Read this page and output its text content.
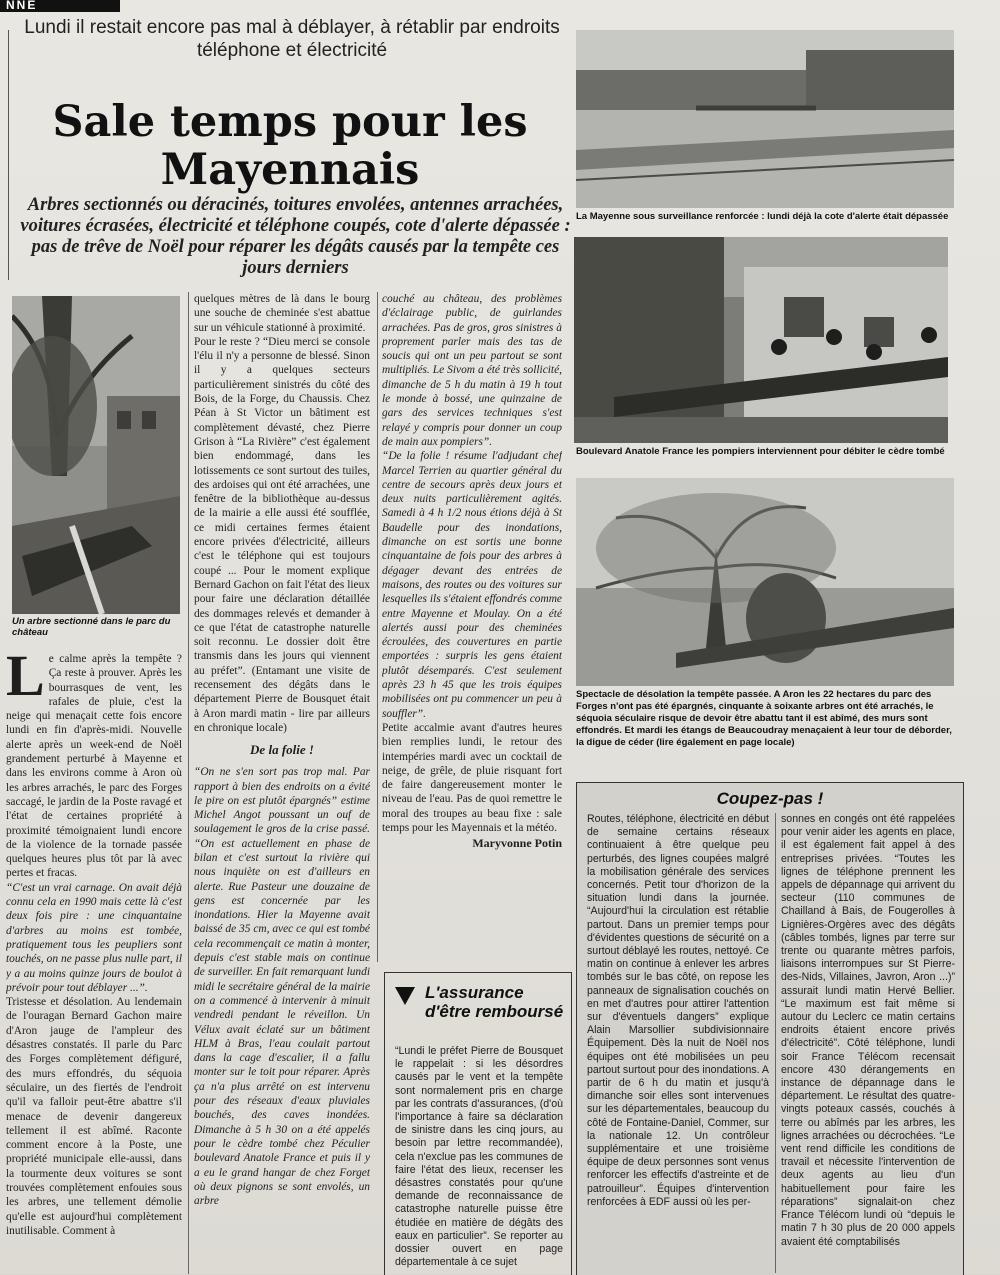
NNE
Lundi il restait encore pas mal à déblayer, à rétablir par endroits téléphone et électricité
Sale temps pour les Mayennais
Arbres sectionnés ou déracinés, toitures envolées, antennes arrachées, voitures écrasées, électricité et téléphone coupés, cote d'alerte dépassée : pas de trêve de Noël pour réparer les dégâts causés par la tempête ces jours derniers
Un arbre sectionné dans le parc du château
La Mayenne sous surveillance renforcée : lundi déjà la cote d'alerte était dépassée
Boulevard Anatole France les pompiers interviennent pour débiter le cèdre tombé
Spectacle de désolation la tempête passée. A Aron les 22 hectares du parc des Forges n'ont pas été épargnés, cinquante à soixante arbres ont été arrachés, le séquoia séculaire risque de devoir être abattu tant il est abîmé, des murs sont effondrés. Et mardi les étangs de Beaucoudray menaçaient à leur tour de déborder, la digue de céder (lire également en page locale)

Le calme après la tempête ? Ça reste à prouver. Après les bourrasques de vent, les rafales de pluie, c'est la neige qui menaçait cette fois encore lundi en fin d'après-midi. Nouvelle alerte après un week-end de Noël grandement perturbé à Mayenne et dans les environs comme à Aron où les arbres arrachés, le parc des Forges saccagé, le jardin de la Poste ravagé et l'état de certaines propriété à proximité témoignaient lundi encore de la violence de la tornade passée quelques heures plus tôt par là avec pertes et fracas.

“C'est un vrai carnage. On avait déjà connu cela en 1990 mais cette là c'est deux fois pire : une cinquantaine d'arbres au moins est tombée, pratiquement tous les peupliers sont touchés, on ne passe plus nulle part, il y a au moins quinze jours de boulot à prévoir pour tout déblayer ...”.

Tristesse et désolation. Au lendemain de l'ouragan Bernard Gachon maire d'Aron jauge de l'ampleur des désastres constatés. Il parle du Parc des Forges complètement défiguré, des murs effondrés, du séquoia séculaire, un des fiertés de l'endroit qu'il va falloir peut-être abattre s'il menace de devenir dangereux tellement il est abîmé. Raconte comment encore à la Poste, une propriété municipale elle-aussi, dans la tourmente deux voitures se sont trouvées complètement enfouies sous les arbres, une tellement démolie qu'elle est aujourd'hui complètement inutilisable. Comment à

quelques mètres de là dans le bourg une souche de cheminée s'est abattue sur un véhicule stationné à proximité.

Pour le reste ? “Dieu merci se console l'élu il n'y a personne de blessé. Sinon il y a quelques secteurs particulièrement sinistrés du côté des Bois, de la Forge, du Chaussis. Chez Péan à St Victor un bâtiment est complètement dévasté, chez Pierre Grison à “La Rivière” c'est également bien endommagé, dans les lotissements ce sont surtout des tuiles, des ardoises qui ont été arrachées, une fenêtre de la bibliothèque au-dessus de la mairie a elle aussi été soufflée, ce midi certaines fermes étaient encore privées d'électricité, ailleurs c'est le téléphone qui est toujours coupé ... Pour le moment explique Bernard Gachon on fait l'état des lieux pour faire une déclaration détaillée des dommages relevés et demander à ce que l'état de catastrophe naturelle soit reconnu. Le dossier doit être transmis dans les jours qui viennent au préfet”. (Entamant une visite de recensement des dégâts dans le département Pierre de Bousquet était à Aron mardi matin - lire par ailleurs en chronique locale)

De la folie !

“On ne s'en sort pas trop mal. Par rapport à bien des endroits on a évité le pire on est plutôt épargnés” estime Michel Angot poussant un ouf de soulagement le gros de la crise passé. “On est actuellement en phase de bilan et c'est surtout la rivière qui nous inquiète on est d'ailleurs en alerte. Rue Pasteur une douzaine de gens est concernée par les inondations. Hier la Mayenne avait baissé de 35 cm, avec ce qui est tombé cela recommençait ce matin à monter, depuis c'est stable mais on continue de surveiller. En fait remarquant lundi midi le secrétaire général de la mairie on a commencé à intervenir à minuit vendredi pendant le réveillon. Un Vélux avait éclaté sur un bâtiment HLM à Bras, l'eau coulait partout dans la cage d'escalier, il a fallu monter sur le toit pour réparer. Après ça n'a plus arrêté on est intervenu pour des réseaux d'eaux pluviales bouchés, des caves inondées. Dimanche à 5 h 30 on a été appelés pour le cèdre tombé chez Péculier boulevard Anatole France et puis il y a eu le grand hangar de chez Forget où deux pignons se sont envolés, un arbre

couché au château, des problèmes d'éclairage public, de guirlandes arrachées. Pas de gros, gros sinistres à proprement parler mais des tas de soucis qui ont un peu partout se sont multipliés. Le Sivom a été très sollicité, dimanche de 5 h du matin à 19 h tout le monde à bossé, une quinzaine de gars des services techniques s'est relayé y compris pour donner un coup de main aux pompiers”.

“De la folie ! résume l'adjudant chef Marcel Terrien au quartier général du centre de secours après deux jours et deux nuits particulièrement agités. Samedi à 4 h 1/2 nous étions déjà à St Baudelle pour des inondations, dimanche on est sortis une bonne cinquantaine de fois pour des arbres à dégager devant des entrées de maisons, des routes ou des voitures sur lesquelles ils s'étaient effondrés comme entre Mayenne et Moulay. On a été alertés aussi pour des cheminées écroulées, des couvertures en partie emportées : surpris les gens étaient plutôt désemparés. C'est seulement après 23 h 45 que les trois équipes mobilisées ont pu commencer un peu à souffler”.

Petite accalmie avant d'autres heures bien remplies lundi, le retour des intempéries mardi avec un cocktail de neige, de grêle, de pluie risquant fort de faire dangereusement monter le niveau de l'eau. Pas de quoi remettre le moral des troupes au beau fixe : sale temps pour les Mayennais et la météo.

Maryvonne Potin
L'assurance d'être remboursé
“Lundi le préfet Pierre de Bousquet le rappelait : si les désordres causés par le vent et la tempête sont normalement pris en charge par les contrats d'assurances, (d'où l'importance à faire sa déclaration de sinistre dans les cinq jours, au besoin par lettre recommandée), cela n'exclue pas les communes de faire l'état des lieux, recenser les désastres constatés pour qu'une demande de reconnaissance de catastrophe naturelle puisse être étudiée en matière de dégâts des eaux en particulier”. Se reporter au dossier ouvert en page départementale à ce sujet
Coupez-pas !
Routes, téléphone, électricité en début de semaine certains réseaux continuaient à être quelque peu perturbés, des lignes coupées malgré la mobilisation générale des services concernés. Petit tour d'horizon de la situation lundi dans la journée. “Aujourd'hui la circulation est rétablie partout. Dans un premier temps pour d'évidentes questions de sécurité on a surtout déblayé les routes, nettoyé. Ce matin on continue à enlever les arbres tombés sur le bas côté, on repose les panneaux de signalisation couchés on en met d'autres pour attirer l'attention sur d'éventuels dangers” explique Alain Marsollier subdivisionnaire Équipement. Dès la nuit de Noël nos équipes ont été mobilisées un peu partout surtout pour des inondations. A partir de 6 h du matin et jusqu'à dimanche soir elles sont intervenues sur les départementales, beaucoup du côté de Fontaine-Daniel, Commer, sur la nationale 12. Un contrôleur supplémentaire et une troisième équipe de deux personnes sont venus renforcer les effectifs d'astreinte et de patrouilleur”. Équipes d'intervention renforcées à EDF aussi où les per-
sonnes en congés ont été rappelées pour venir aider les agents en place, il est également fait appel à des entreprises privées. “Toutes les lignes de téléphone prennent les appels de dépannage qui arrivent du secteur (110 communes de Chailland à Bais, de Fougerolles à Lignières-Orgères avec des dégâts (câbles tombés, lignes par terre sur trente ou quarante mètres parfois, liaisons interrompues sur St Pierre-des-Nids, Villaines, Javron, Aron ...)” assurait lundi matin Hervé Bellier. “Le maximum est fait même si autour du Leclerc ce matin certains endroits étaient encore privés d'électricité”. Côté téléphone, lundi soir France Télécom recensait encore 430 dérangements en instance de dépannage dans le département. Le résultat des quatre-vingts poteaux cassés, couchés à terre ou abîmés par les arbres, les lignes arrachées ou décrochées. “Le vent rend difficile les conditions de travail et nécessite l'intervention de deux agents au lieu d'un habituellement pour faire les réparations” signalait-on chez France Télécom lundi où “depuis le matin 7 h 30 plus de 20 000 appels avaient été comptabilisés
